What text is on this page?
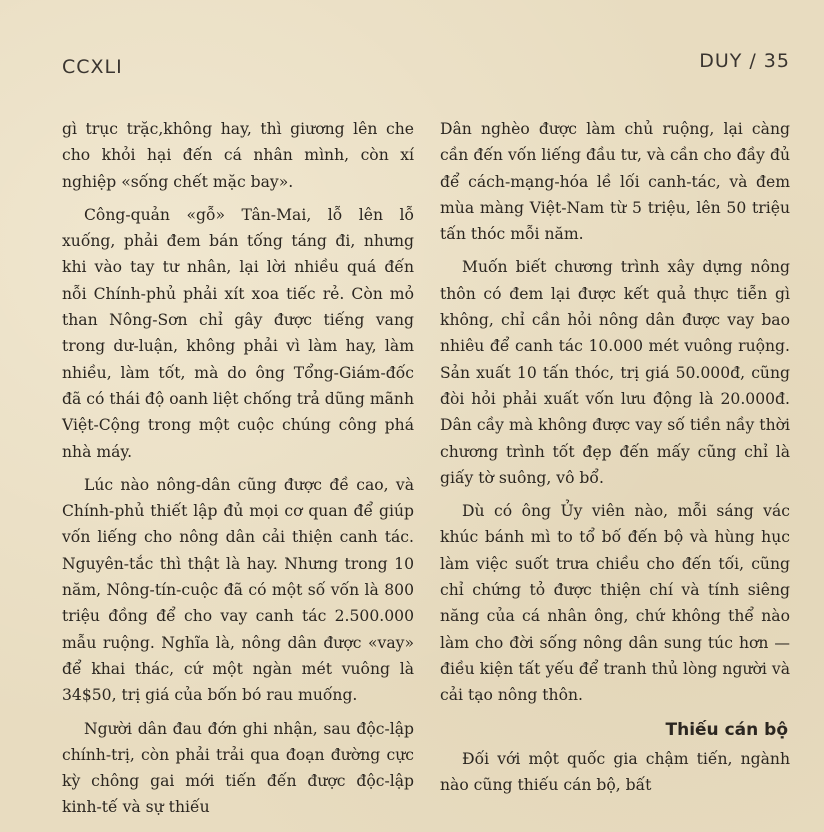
CCXLI	DUY / 35

gì trục trặc,không hay, thì giương lên che cho khỏi hại đến cá nhân mình, còn xí nghiệp «sống chết mặc bay».

Công-quản «gỗ» Tân-Mai, lỗ lên lỗ xuống, phải đem bán tống táng đi, nhưng khi vào tay tư nhân, lại lời nhiều quá đến nỗi Chính-phủ phải xít xoa tiếc rẻ. Còn mỏ than Nông-Sơn chỉ gây được tiếng vang trong dư-luận, không phải vì làm hay, làm nhiều, làm tốt, mà do ông Tổng-Giám-đốc đã có thái độ oanh liệt chống trả dũng mãnh Việt-Cộng trong một cuộc chúng công phá nhà máy.

Lúc nào nông-dân cũng được đề cao, và Chính-phủ thiết lập đủ mọi cơ quan để giúp vốn liếng cho nông dân cải thiện canh tác. Nguyên-tắc thì thật là hay. Nhưng trong 10 năm, Nông-tín-cuộc đã có một số vốn là 800 triệu đồng để cho vay canh tác 2.500.000 mẫu ruộng. Nghĩa là, nông dân được «vay» để khai thác, cứ một ngàn mét vuông là 34$50, trị giá của bốn bó rau muống.

Người dân đau đớn ghi nhận, sau độc-lập chính-trị, còn phải trải qua đoạn đường cực kỳ chông gai mới tiến đến được độc-lập kinh-tế và sự thiếu

Dân nghèo được làm chủ ruộng, lại càng cần đến vốn liếng đầu tư, và cần cho đầy đủ để cách-mạng-hóa lề lối canh-tác, và đem mùa màng Việt-Nam từ 5 triệu, lên 50 triệu tấn thóc mỗi năm.

Muốn biết chương trình xây dựng nông thôn có đem lại được kết quả thực tiễn gì không, chỉ cần hỏi nông dân được vay bao nhiêu để canh tác 10.000 mét vuông ruộng. Sản xuất 10 tấn thóc, trị giá 50.000đ, cũng đòi hỏi phải xuất vốn lưu động là 20.000đ. Dân cầy mà không được vay số tiền nầy thời chương trình tốt đẹp đến mấy cũng chỉ là giấy tờ suông, vô bổ.

Dù có ông Ủy viên nào, mỗi sáng vác khúc bánh mì to tổ bố đến bộ và hùng hục làm việc suốt trưa chiều cho đến tối, cũng chỉ chứng tỏ được thiện chí và tính siêng năng của cá nhân ông, chứ không thể nào làm cho đời sống nông dân sung túc hơn — điều kiện tất yếu để tranh thủ lòng người và cải tạo nông thôn.

Thiếu cán bộ

Đối với một quốc gia chậm tiến, ngành nào cũng thiếu cán bộ, bất
